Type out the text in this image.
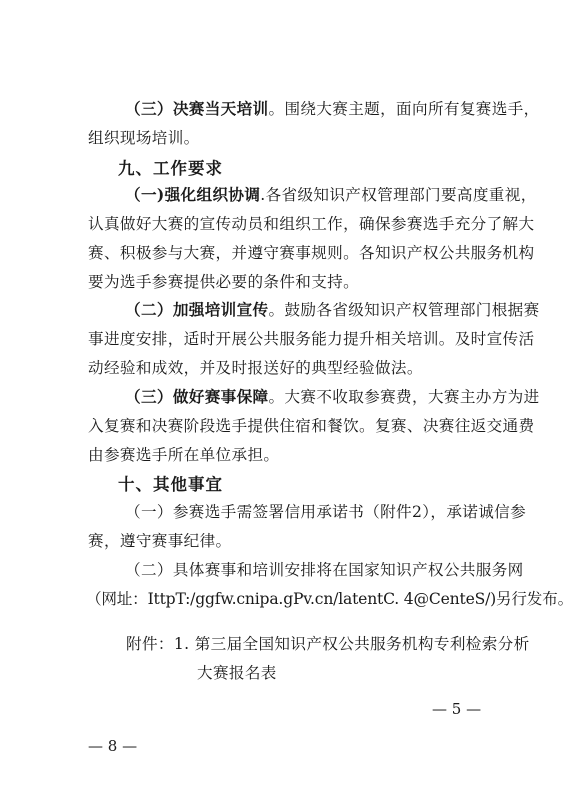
（三）决赛当天培训。围绕大赛主题，面向所有复赛选手，
组织现场培训。
九、工作要求
（一)强化组织协调.各省级知识产权管理部门要高度重视，
认真做好大赛的宣传动员和组织工作，确保参赛选手充分了解大
赛、积极参与大赛，并遵守赛事规则。各知识产权公共服务机构
要为选手参赛提供必要的条件和支持。
（二）加强培训宣传。鼓励各省级知识产权管理部门根据赛
事进度安排，适时开展公共服务能力提升相关培训。及时宣传活
动经验和成效，并及时报送好的典型经验做法。
（三）做好赛事保障。大赛不收取参赛费，大赛主办方为进
入复赛和决赛阶段选手提供住宿和餐饮。复赛、决赛往返交通费
由参赛选手所在单位承担。
十、其他事宜
（一）参赛选手需签署信用承诺书（附件2），承诺诚信参
赛，遵守赛事纪律。
（二）具体赛事和培训安排将在国家知识产权公共服务网
（网址：IttpT:/ggfw.cnipa.gPv.cn/latentC. 4@CenteS/)另行发布。
附件：1. 第三届全国知识产权公共服务机构专利检索分析
大赛报名表
— 5 —
— 8 —
